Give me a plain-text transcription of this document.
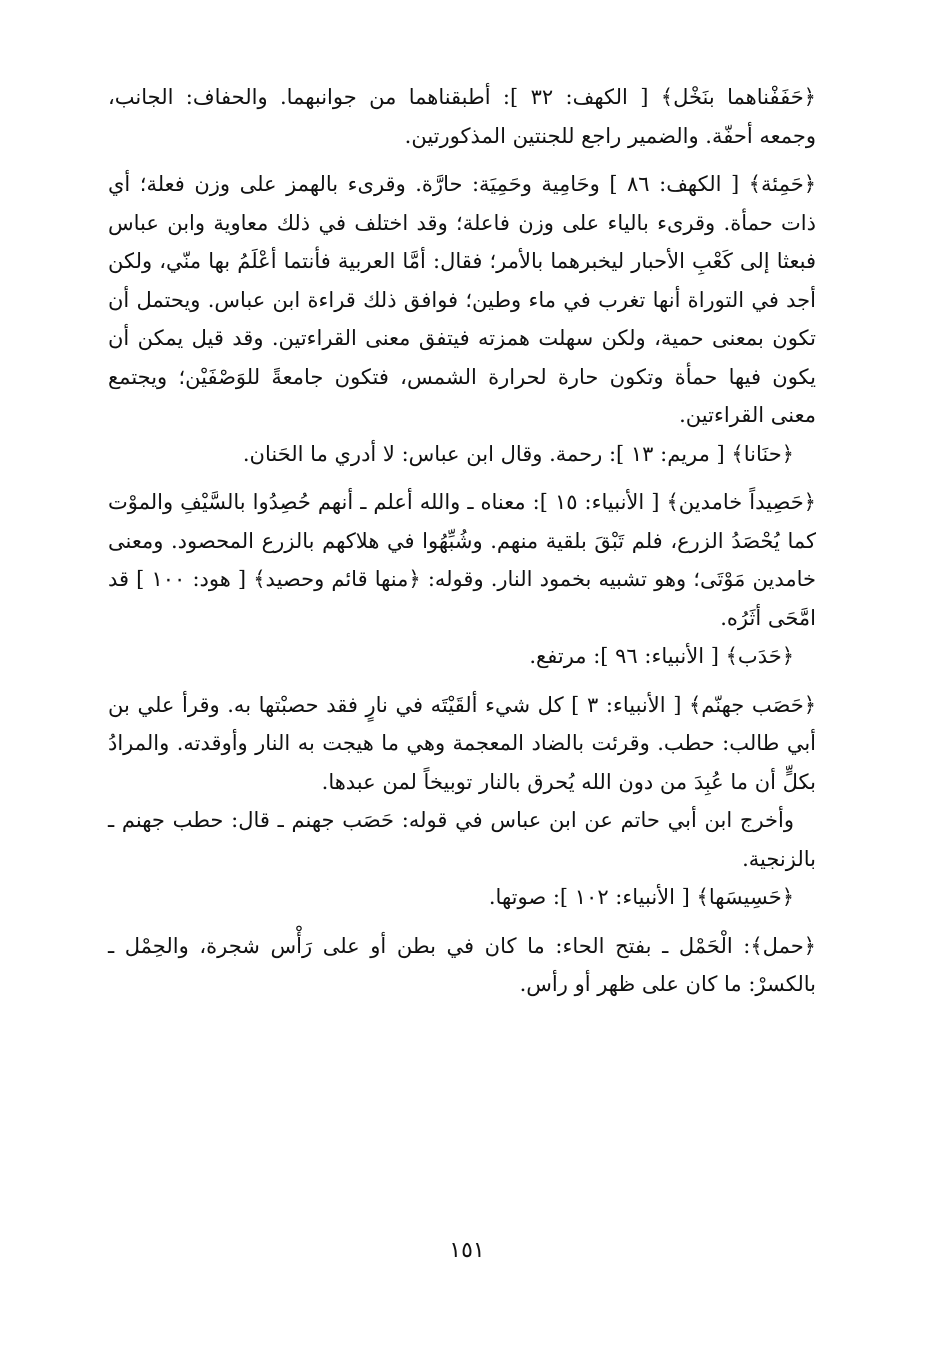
﴿حَفَفْناهما بنَخْل﴾ [ الكهف: ٣٢ ]: أطبقناهما من جوانبهما. والحفاف: الجانب، وجمعه أحفّة. والضمير راجع للجنتين المذكورتين.

﴿حَمِئة﴾ [ الكهف: ٨٦ ] وحَامِية وحَمِيَة: حارَّة. وقرىء بالهمز على وزن فعلة؛ أي ذات حمأة. وقرىء بالياء على وزن فاعلة؛ وقد اختلف في ذلك معاوية وابن عباس فبعثا إلى كَعْبِ الأحبار ليخبرهما بالأمر؛ فقال: أمَّا العربية فأنتما أعْلَمُ بها منّي، ولكن أجد في التوراة أنها تغرب في ماء وطين؛ فوافق ذلك قراءة ابن عباس. ويحتمل أن تكون بمعنى حمية، ولكن سهلت همزته فيتفق معنى القراءتين. وقد قيل يمكن أن يكون فيها حمأة وتكون حارة لحرارة الشمس، فتكون جامعةً للوَصْفَيْن؛ ويجتمع معنى القراءتين.

﴿حنَانا﴾ [ مريم: ١٣ ]: رحمة. وقال ابن عباس: لا أدري ما الحَنان.

﴿حَصِيداً خامدين﴾ [ الأنبياء: ١٥ ]: معناه ـ والله أعلم ـ أنهم حُصِدُوا بالسَّيْفِ والموْت كما يُحْصَدُ الزرع، فلم تَبْقَ بلقية منهم. وشُبِّهُوا في هلاكهم بالزرع المحصود. ومعنى خامدين مَوْتَى؛ وهو تشبيه بخمود النار. وقوله: ﴿منها قائم وحصيد﴾ [ هود: ١٠٠ ] قد امَّحَى أثَرُه.

﴿حَدَب﴾ [ الأنبياء: ٩٦ ]: مرتفع.

﴿حَصَب جهنّم﴾ [ الأنبياء: ٣ ] كل شيء ألقَيْتَه في نارٍ فقد حصبْتها به. وقرأ علي بن أبي طالب: حطب. وقرئت بالضاد المعجمة وهي ما هيجت به النار وأوقدته. والمرادُ بكلٍّ أن ما عُبِدَ من دون الله يُحرق بالنار توبيخاً لمن عبدها.

وأخرج ابن أبي حاتم عن ابن عباس في قوله: حَصَب جهنم ـ قال: حطب جهنم ـ بالزنجية.

﴿حَسِيسَها﴾ [ الأنبياء: ١٠٢ ]: صوتها.

﴿حمل﴾: الْحَمْل ـ بفتح الحاء: ما كان في بطن أو على رَأْس شجرة، والحِمْل ـ بالكسرْ: ما كان على ظهر أو رأس.

١٥١
